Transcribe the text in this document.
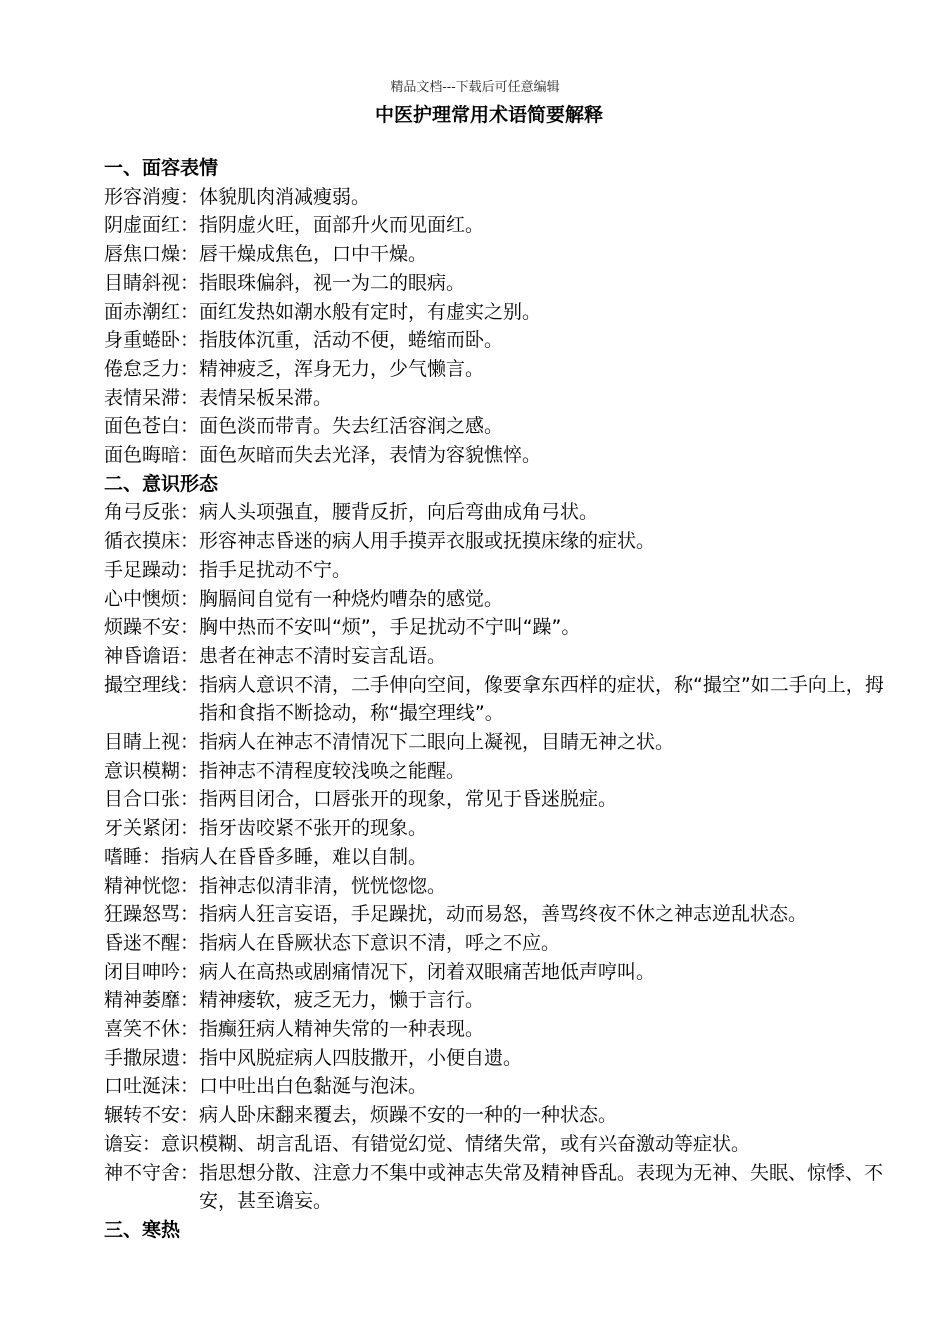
精品文档---下载后可任意编辑
中医护理常用术语简要解释
一、面容表情
形容消瘦： 体貌肌肉消减瘦弱。
阴虚面红： 指阴虚火旺，面部升火而见面红。
唇焦口燥： 唇干燥成焦色，口中干燥。
目睛斜视： 指眼珠偏斜，视一为二的眼病。
面赤潮红： 面红发热如潮水般有定时，有虚实之别。
身重蜷卧： 指肢体沉重，活动不便，蜷缩而卧。
倦怠乏力： 精神疲乏，浑身无力，少气懒言。
表情呆滞： 表情呆板呆滞。
面色苍白： 面色淡而带青。失去红活容润之感。
面色晦暗： 面色灰暗而失去光泽，表情为容貌憔悴。
二、意识形态
角弓反张： 病人头项强直，腰背反折，向后弯曲成角弓状。
循衣摸床： 形容神志昏迷的病人用手摸弄衣服或抚摸床缘的症状。
手足躁动： 指手足扰动不宁。
心中懊烦： 胸膈间自觉有一种烧灼嘈杂的感觉。
烦躁不安： 胸中热而不安叫“烦”，手足扰动不宁叫“躁”。
神昏谵语： 患者在神志不清时妄言乱语。
撮空理线： 指病人意识不清，二手伸向空间，像要拿东西样的症状，称“撮空”如二手向上，拇指和食指不断捻动，称“撮空理线”。
目睛上视： 指病人在神志不清情况下二眼向上凝视，目睛无神之状。
意识模糊： 指神志不清程度较浅唤之能醒。
目合口张： 指两目闭合，口唇张开的现象，常见于昏迷脱症。
牙关紧闭： 指牙齿咬紧不张开的现象。
嗜睡： 指病人在昏昏多睡，难以自制。
精神恍惚： 指神志似清非清，恍恍惚惚。
狂躁怒骂： 指病人狂言妄语，手足躁扰，动而易怒，善骂终夜不休之神志逆乱状态。
昏迷不醒： 指病人在昏厥状态下意识不清，呼之不应。
闭目呻吟： 病人在高热或剧痛情况下，闭着双眼痛苦地低声哼叫。
精神萎靡： 精神痿软，疲乏无力，懒于言行。
喜笑不休： 指癫狂病人精神失常的一种表现。
手撒尿遗： 指中风脱症病人四肢撒开，小便自遗。
口吐涎沫： 口中吐出白色黏涎与泡沫。
辗转不安： 病人卧床翻来覆去，烦躁不安的一种的一种状态。
谵妄： 意识模糊、胡言乱语、有错觉幻觉、情绪失常，或有兴奋激动等症状。
神不守舍： 指思想分散、注意力不集中或神志失常及精神昏乱。表现为无神、失眠、惊悸、不安，甚至谵妄。
三、寒热
